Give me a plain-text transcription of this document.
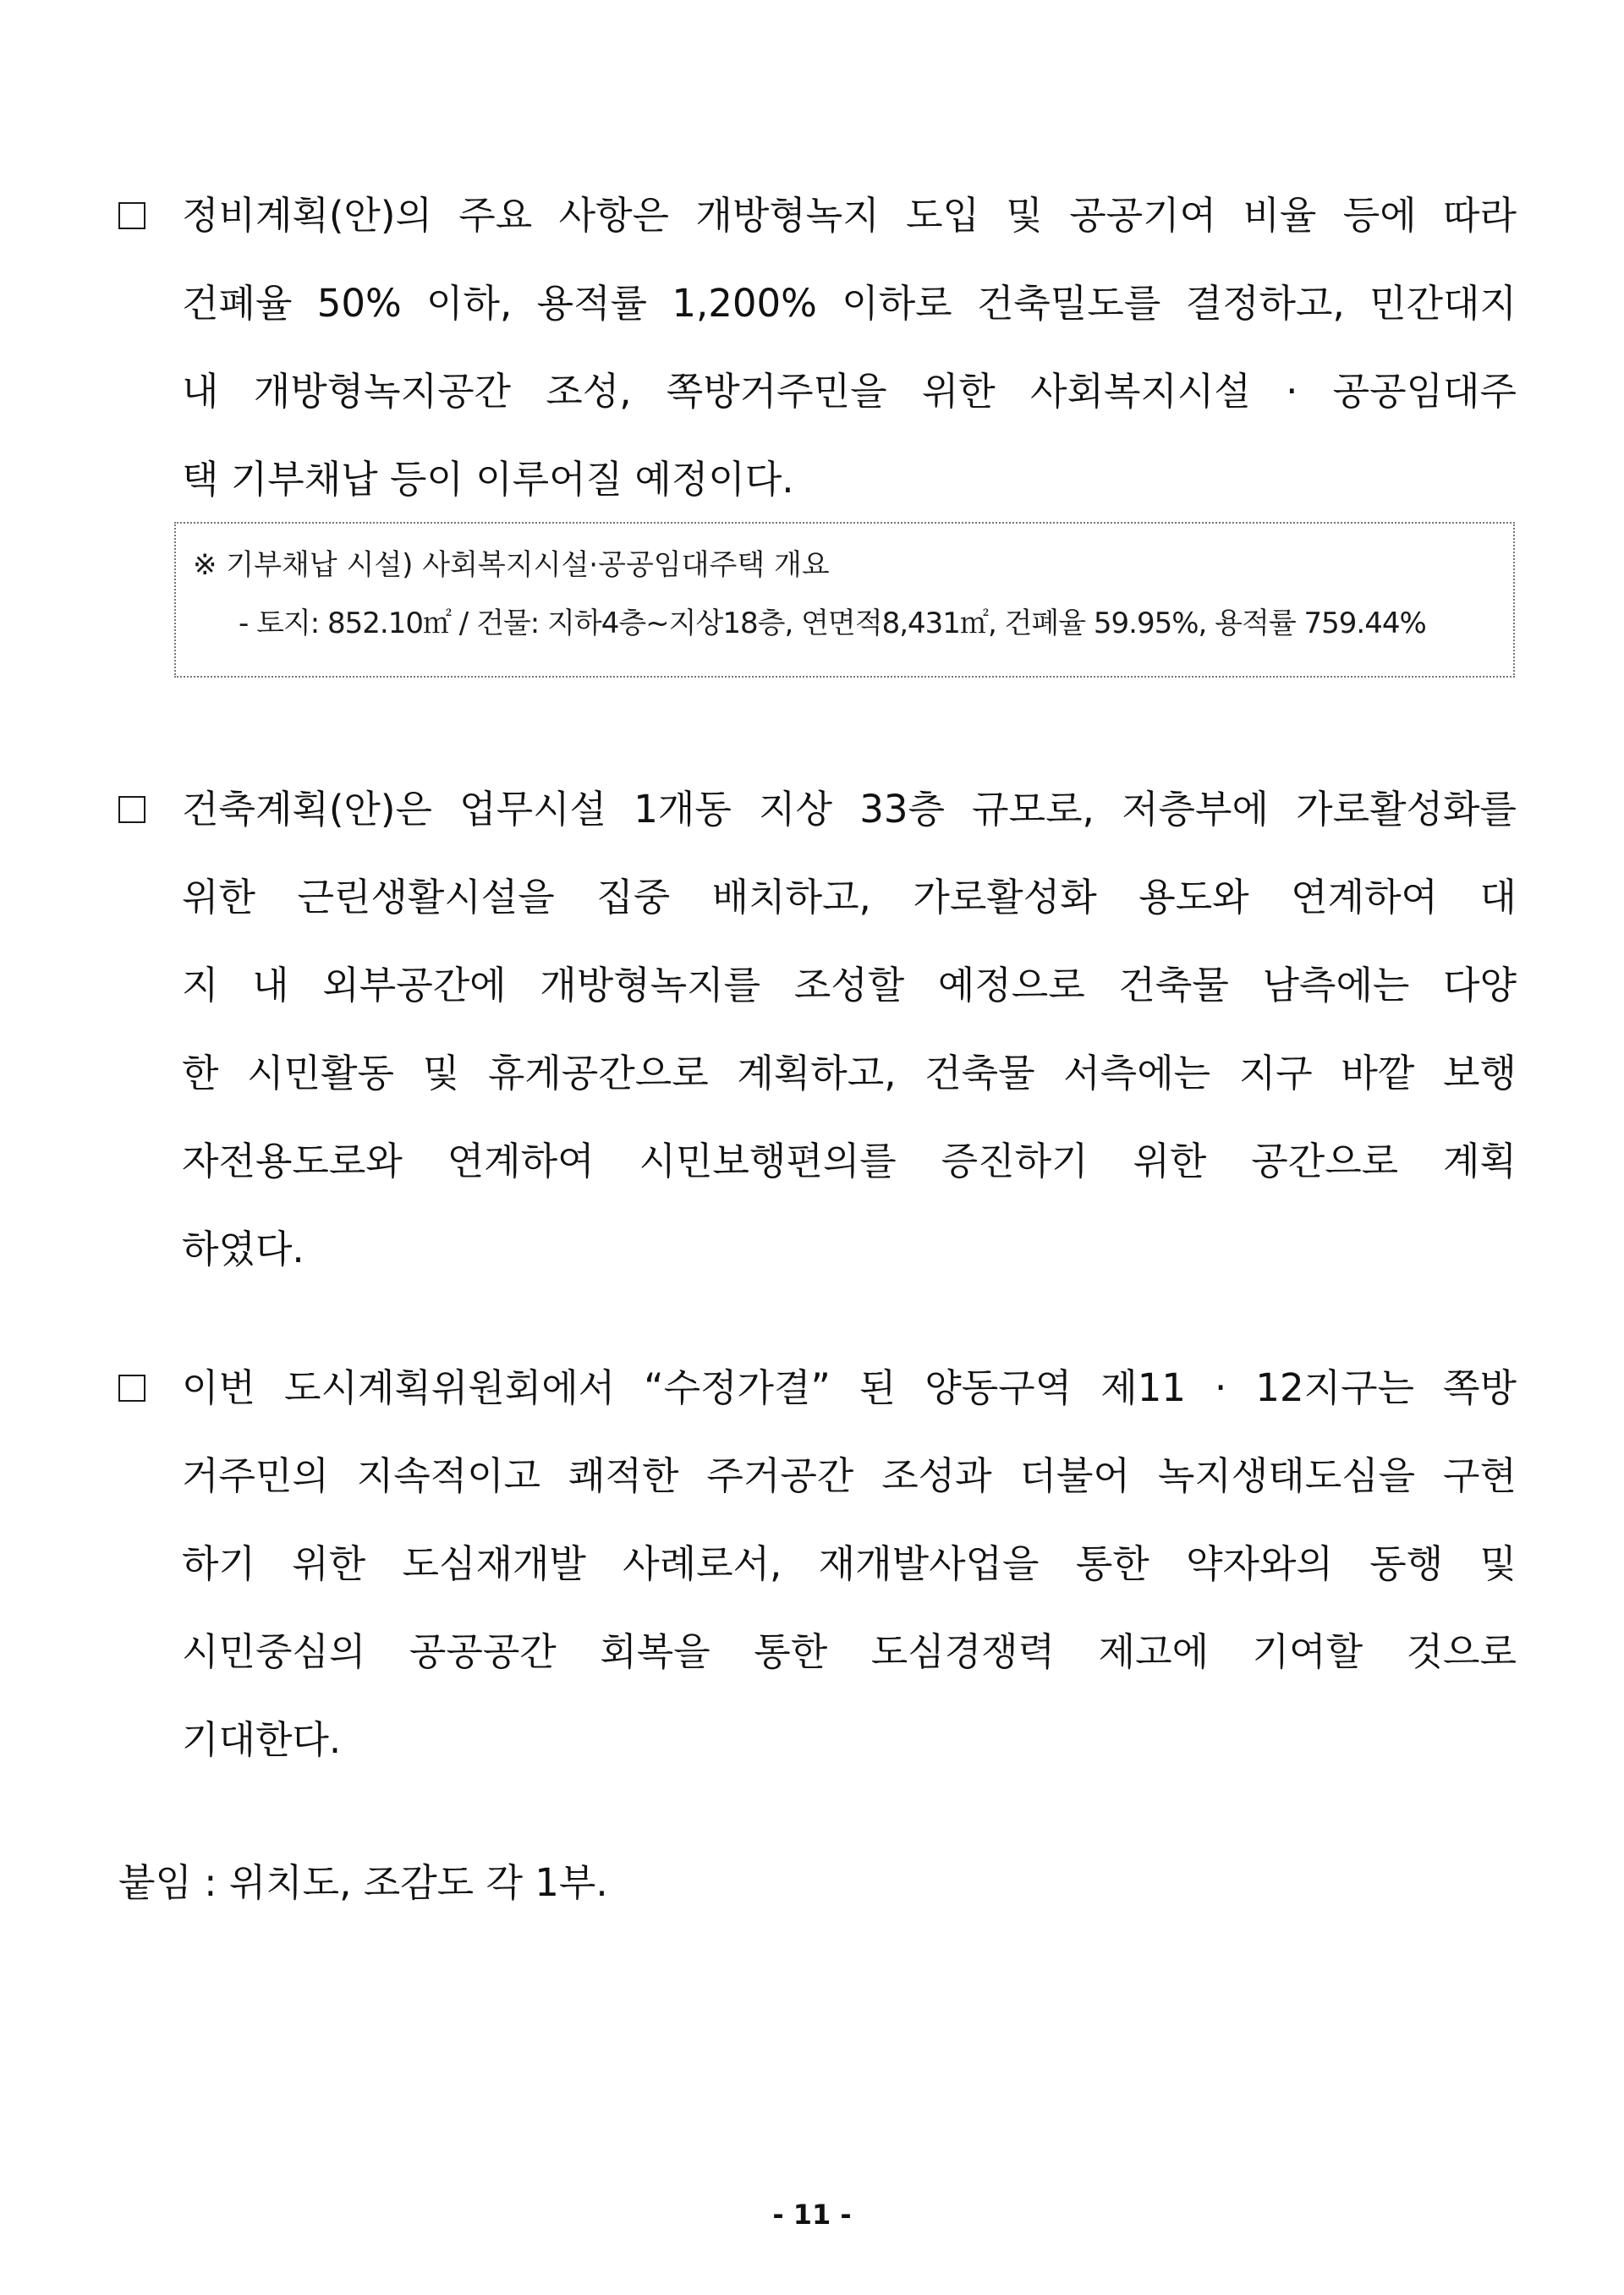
정비계획(안)의 주요 사항은 개방형녹지 도입 및 공공기여 비율 등에 따라
건폐율 50% 이하, 용적률 1,200% 이하로 건축밀도를 결정하고, 민간대지
내 개방형녹지공간 조성, 쪽방거주민을 위한 사회복지시설 · 공공임대주
택 기부채납 등이 이루어질 예정이다.
※ 기부채납 시설) 사회복지시설·공공임대주택 개요
- 토지: 852.10㎡ / 건물: 지하4층~지상18층, 연면적8,431㎡, 건폐율 59.95%, 용적률 759.44%
건축계획(안)은 업무시설 1개동 지상 33층 규모로, 저층부에 가로활성화를
위한 근린생활시설을 집중 배치하고, 가로활성화 용도와 연계하여 대
지 내 외부공간에 개방형녹지를 조성할 예정으로 건축물 남측에는 다양
한 시민활동 및 휴게공간으로 계획하고, 건축물 서측에는 지구 바깥 보행
자전용도로와 연계하여 시민보행편의를 증진하기 위한 공간으로 계획
하였다.
이번 도시계획위원회에서 “수정가결” 된 양동구역 제11 · 12지구는 쪽방
거주민의 지속적이고 쾌적한 주거공간 조성과 더불어 녹지생태도심을 구현
하기 위한 도심재개발 사례로서, 재개발사업을 통한 약자와의 동행 및
시민중심의 공공공간 회복을 통한 도심경쟁력 제고에 기여할 것으로
기대한다.
붙임 : 위치도, 조감도 각 1부.
- 11 -
